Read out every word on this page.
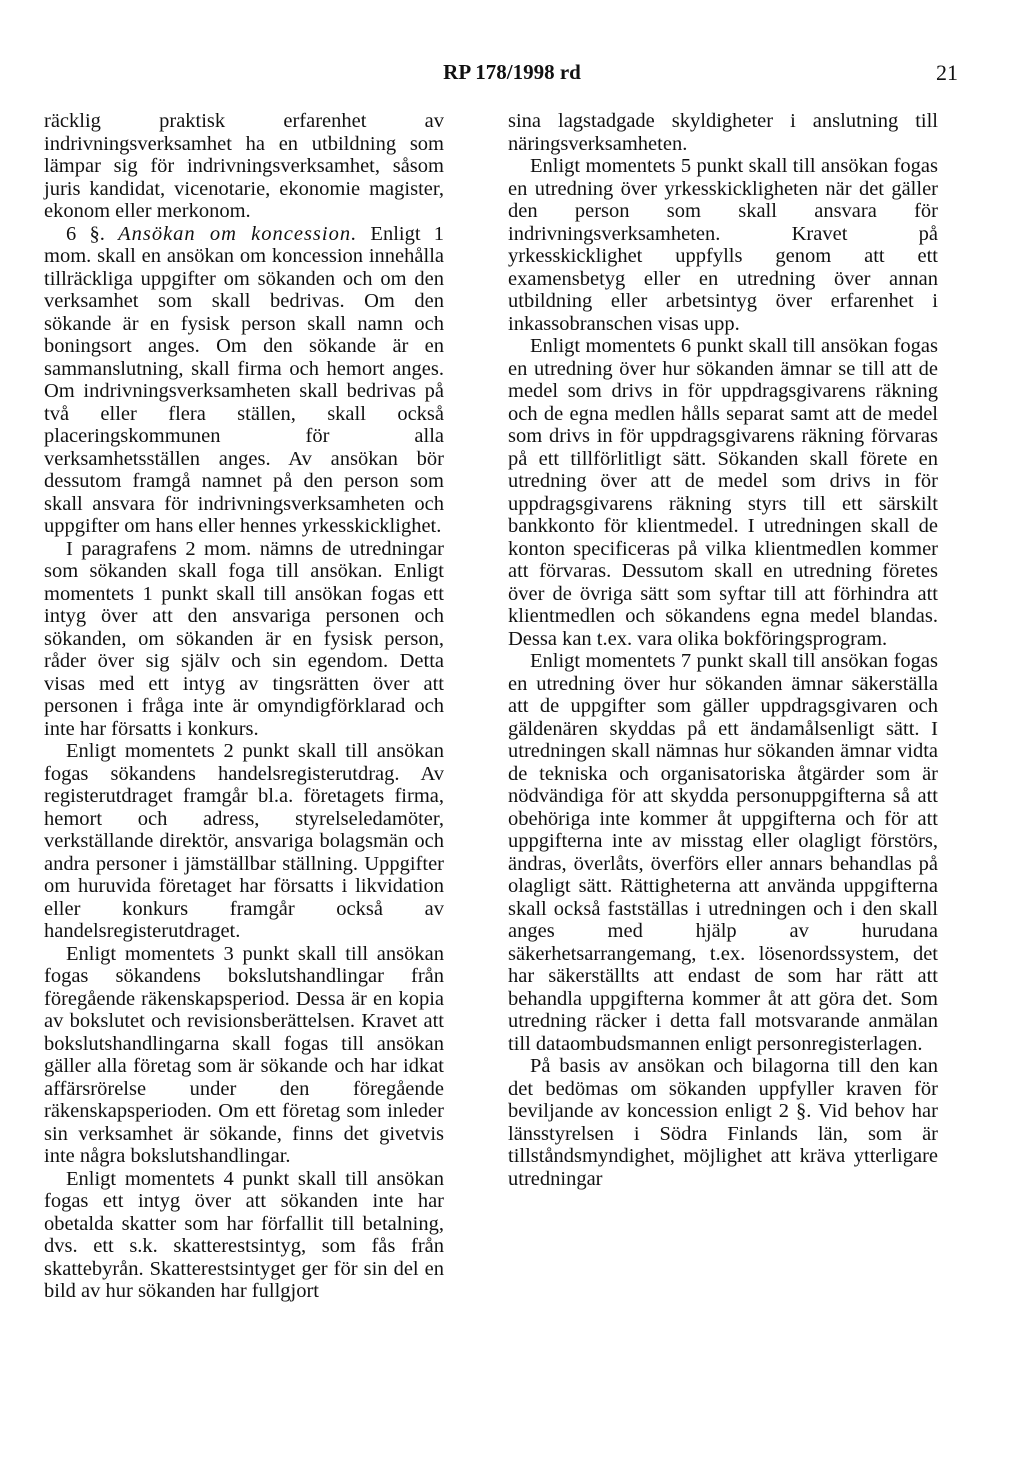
RP 178/1998 rd	21

räcklig praktisk erfarenhet av indrivningsverksamhet ha en utbildning som lämpar sig för indrivningsverksamhet, såsom juris kandidat, vicenotarie, ekonomie magister, ekonom eller merkonom.

6 §. Ansökan om koncession. Enligt 1 mom. skall en ansökan om koncession innehålla tillräckliga uppgifter om sökanden och om den verksamhet som skall bedrivas. Om den sökande är en fysisk person skall namn och boningsort anges. Om den sökande är en sammanslutning, skall firma och hemort anges. Om indrivningsverksamheten skall bedrivas på två eller flera ställen, skall också placeringskommunen för alla verksamhetsställen anges. Av ansökan bör dessutom framgå namnet på den person som skall ansvara för indrivningsverksamheten och uppgifter om hans eller hennes yrkesskicklighet.

I paragrafens 2 mom. nämns de utredningar som sökanden skall foga till ansökan. Enligt momentets 1 punkt skall till ansökan fogas ett intyg över att den ansvariga personen och sökanden, om sökanden är en fysisk person, råder över sig själv och sin egendom. Detta visas med ett intyg av tingsrätten över att personen i fråga inte är omyndigförklarad och inte har försatts i konkurs.

Enligt momentets 2 punkt skall till ansökan fogas sökandens handelsregisterutdrag. Av registerutdraget framgår bl.a. företagets firma, hemort och adress, styrelseledamöter, verkställande direktör, ansvariga bolagsmän och andra personer i jämställbar ställning. Uppgifter om huruvida företaget har försatts i likvidation eller konkurs framgår också av handelsregisterutdraget.

Enligt momentets 3 punkt skall till ansökan fogas sökandens bokslutshandlingar från föregående räkenskapsperiod. Dessa är en kopia av bokslutet och revisionsberättelsen. Kravet att bokslutshandlingarna skall fogas till ansökan gäller alla företag som är sökande och har idkat affärsrörelse under den föregående räkenskapsperioden. Om ett företag som inleder sin verksamhet är sökande, finns det givetvis inte några bokslutshandlingar.

Enligt momentets 4 punkt skall till ansökan fogas ett intyg över att sökanden inte har obetalda skatter som har förfallit till betalning, dvs. ett s.k. skatterestsintyg, som fås från skattebyrån. Skatterestsintyget ger för sin del en bild av hur sökanden har fullgjort

sina lagstadgade skyldigheter i anslutning till näringsverksamheten.

Enligt momentets 5 punkt skall till ansökan fogas en utredning över yrkesskickligheten när det gäller den person som skall ansvara för indrivningsverksamheten. Kravet på yrkesskicklighet uppfylls genom att ett examensbetyg eller en utredning över annan utbildning eller arbetsintyg över erfarenhet i inkassobranschen visas upp.

Enligt momentets 6 punkt skall till ansökan fogas en utredning över hur sökanden ämnar se till att de medel som drivs in för uppdragsgivarens räkning och de egna medlen hålls separat samt att de medel som drivs in för uppdragsgivarens räkning förvaras på ett tillförlitligt sätt. Sökanden skall förete en utredning över att de medel som drivs in för uppdragsgivarens räkning styrs till ett särskilt bankkonto för klientmedel. I utredningen skall de konton specificeras på vilka klientmedlen kommer att förvaras. Dessutom skall en utredning företes över de övriga sätt som syftar till att förhindra att klientmedlen och sökandens egna medel blandas. Dessa kan t.ex. vara olika bokföringsprogram.

Enligt momentets 7 punkt skall till ansökan fogas en utredning över hur sökanden ämnar säkerställa att de uppgifter som gäller uppdragsgivaren och gäldenären skyddas på ett ändamålsenligt sätt. I utredningen skall nämnas hur sökanden ämnar vidta de tekniska och organisatoriska åtgärder som är nödvändiga för att skydda personuppgifterna så att obehöriga inte kommer åt uppgifterna och för att uppgifterna inte av misstag eller olagligt förstörs, ändras, överlåts, överförs eller annars behandlas på olagligt sätt. Rättigheterna att använda uppgifterna skall också fastställas i utredningen och i den skall anges med hjälp av hurudana säkerhetsarrangemang, t.ex. lösenordssystem, det har säkerställts att endast de som har rätt att behandla uppgifterna kommer åt att göra det. Som utredning räcker i detta fall motsvarande anmälan till dataombudsmannen enligt personregisterlagen.

På basis av ansökan och bilagorna till den kan det bedömas om sökanden uppfyller kraven för beviljande av koncession enligt 2 §. Vid behov har länsstyrelsen i Södra Finlands län, som är tillståndsmyndighet, möjlighet att kräva ytterligare utredningar
